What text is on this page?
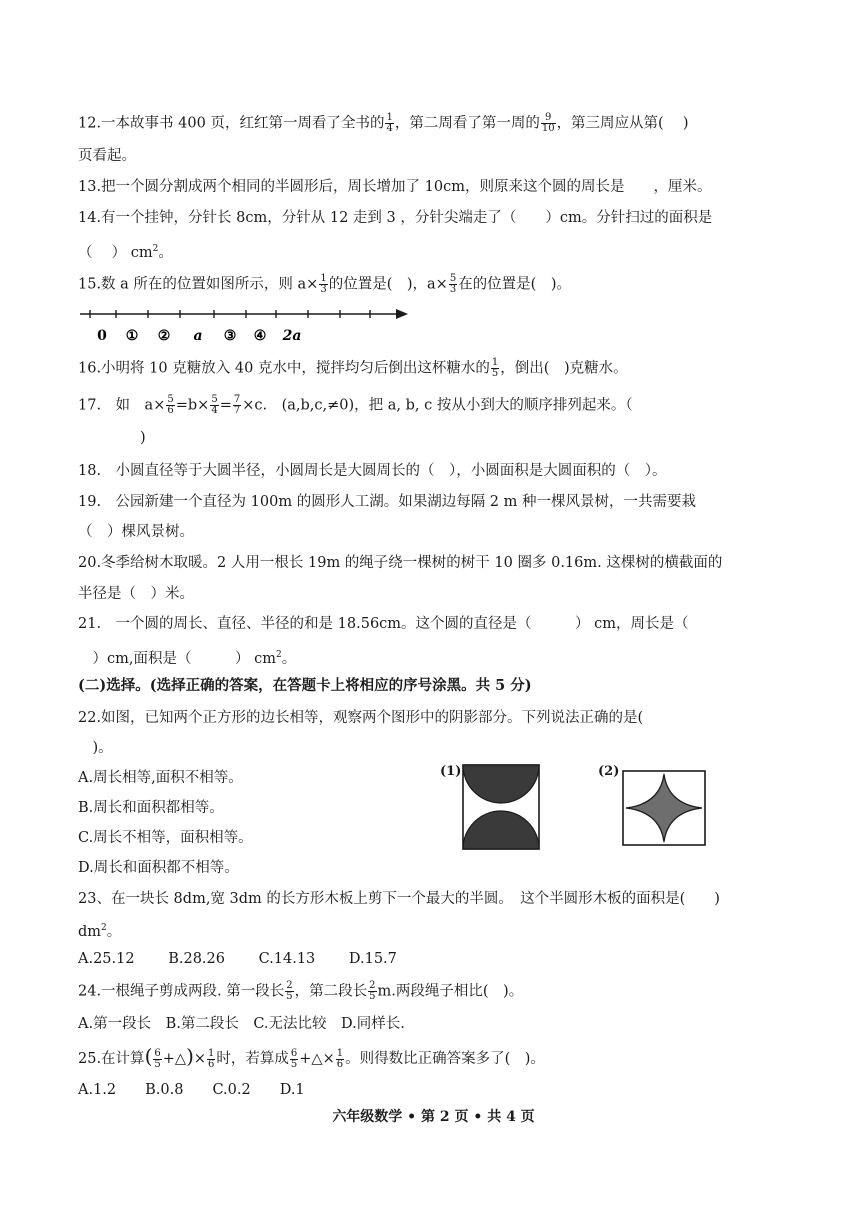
12.一本故事书 400 页，红红第一周看了全书的 $\frac{1}{4}$ ，第二周看了第一周的 $\frac{9}{10}$ ，第三周应从第(　 )
页看起。
13.把一个圆分割成两个相同的半圆形后，周长增加了 10cm，则原来这个圆的周长是　　，厘米。
14.有一个挂钟，分针长 8cm，分针从 12 走到 3 ，分针尖端走了（　　）cm。分针扫过的面积是
（　 ） $cm^2$。
15.数 a 所在的位置如图所示，则 $a\times \frac{1}{3}$ 的位置是(　)，$a\times \frac{5}{3}$ 在的位置是(　)。
0 ① ② a ③ ④ 2a
16.小明将 10 克糖放入 40 克水中，搅拌均匀后倒出这杯糖水的 $\frac{1}{5}$ ，倒出(　)克糖水。
17.　如　$a\times \frac{5}{6} =b\times \frac{5}{4} = \frac{7}{7} \times c$.　(a,b,c,≠0)，把 a, b, c 按从小到大的顺序排列起来。（
)
18.　小圆直径等于大圆半径，小圆周长是大圆周长的（　），小圆面积是大圆面积的（　）。
19.　公园新建一个直径为 100m 的圆形人工湖。如果湖边每隔 2 m 种一棵风景树，一共需要栽
（　）棵风景树。
20.冬季给树木取暖。2 人用一根长 19m 的绳子绕一棵树的树干 10 圈多 0.16m. 这棵树的横截面的
半径是（　）米。
21.　一个圆的周长、直径、半径的和是 18.56cm。这个圆的直径是（　　　） cm，周长是（
　）cm,面积是（　　　） $cm^2$。
(二)选择。(选择正确的答案，在答题卡上将相应的序号涂黑。共 5 分)
22.如图，已知两个正方形的边长相等，观察两个图形中的阴影部分。下列说法正确的是(
　)。
A.周长相等,面积不相等。
B.周长和面积都相等。
C.周长不相等，面积相等。
D.周长和面积都不相等。
(1)	(2)
23、在一块长 8dm,宽 3dm 的长方形木板上剪下一个最大的半圆。　这个半圆形木板的面积是(　　)
$dm^2$。
A.25.12　　 B.28.26　　 C.14.13　　 D.15.7
24.一根绳子剪成两段. 第一段长 $\frac{2}{5}$ ，第二段长 $\frac{2}{5} m$.两段绳子相比(　)。
A.第一段长　B.第二段长　C.无法比较　D.同样长.
25.在计算( $\frac{6}{5}$ +△)× $\frac{1}{6}$ 时，若算成 $\frac{6}{5}$ +△× $\frac{1}{6}$ 。则得数比正确答案多了(　)。
A.1.2　　B.0.8　　C.0.2　　D.1
六年级数学 • 第 2 页 • 共 4 页
